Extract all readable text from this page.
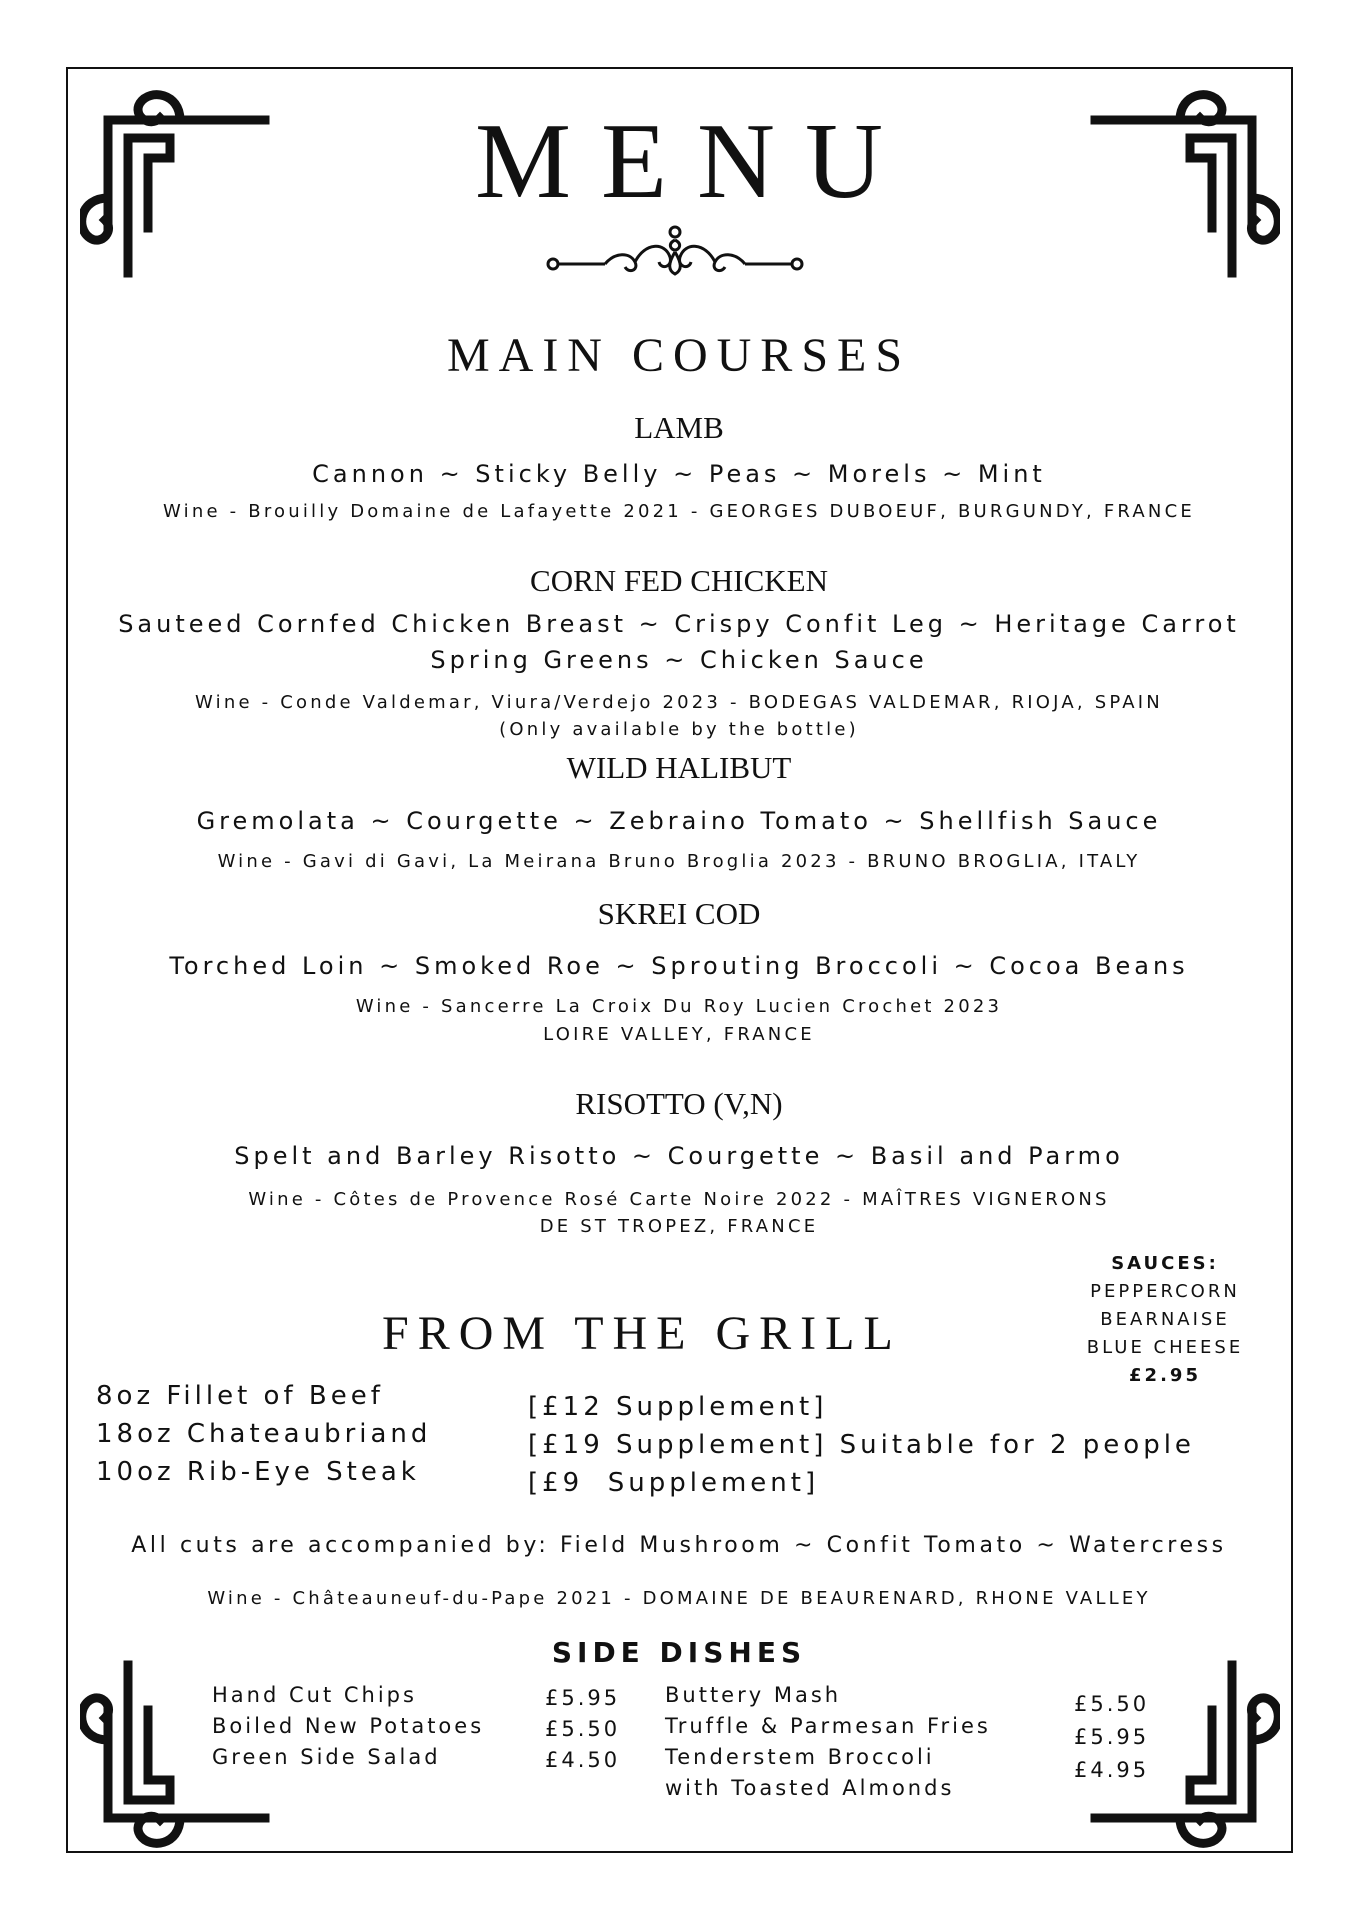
MENU
MAIN COURSES
LAMB
Cannon ~ Sticky Belly ~ Peas ~ Morels ~ Mint
Wine - Brouilly Domaine de Lafayette 2021 - GEORGES DUBOEUF, BURGUNDY, FRANCE
CORN FED CHICKEN
Sauteed Cornfed Chicken Breast ~ Crispy Confit Leg ~ Heritage Carrot
Spring Greens ~ Chicken Sauce
Wine - Conde Valdemar, Viura/Verdejo 2023 - BODEGAS VALDEMAR, RIOJA, SPAIN
(Only available by the bottle)
WILD HALIBUT
Gremolata ~ Courgette ~ Zebraino Tomato ~ Shellfish Sauce
Wine - Gavi di Gavi, La Meirana Bruno Broglia 2023 - BRUNO BROGLIA, ITALY
SKREI COD
Torched Loin ~ Smoked Roe ~ Sprouting Broccoli ~ Cocoa Beans
Wine - Sancerre La Croix Du Roy Lucien Crochet 2023
LOIRE VALLEY, FRANCE
RISOTTO (V,N)
Spelt and Barley Risotto ~ Courgette ~ Basil and Parmo
Wine - Côtes de Provence Rosé Carte Noire 2022 - MAÎTRES VIGNERONS
DE ST TROPEZ, FRANCE
SAUCES:
PEPPERCORN
BEARNAISE
BLUE CHEESE
£2.95
FROM THE GRILL
8oz Fillet of Beef
18oz Chateaubriand
10oz Rib-Eye Steak
[£12 Supplement]
[£19 Supplement] Suitable for 2 people
[£9  Supplement]
All cuts are accompanied by: Field Mushroom ~ Confit Tomato ~ Watercress
Wine - Châteauneuf-du-Pape 2021 - DOMAINE DE BEAURENARD, RHONE VALLEY
SIDE DISHES
Hand Cut Chips
Boiled New Potatoes
Green Side Salad
£5.95
£5.50
£4.50
Buttery Mash
Truffle & Parmesan Fries
Tenderstem Broccoli
with Toasted Almonds
£5.50
£5.95
£4.95
